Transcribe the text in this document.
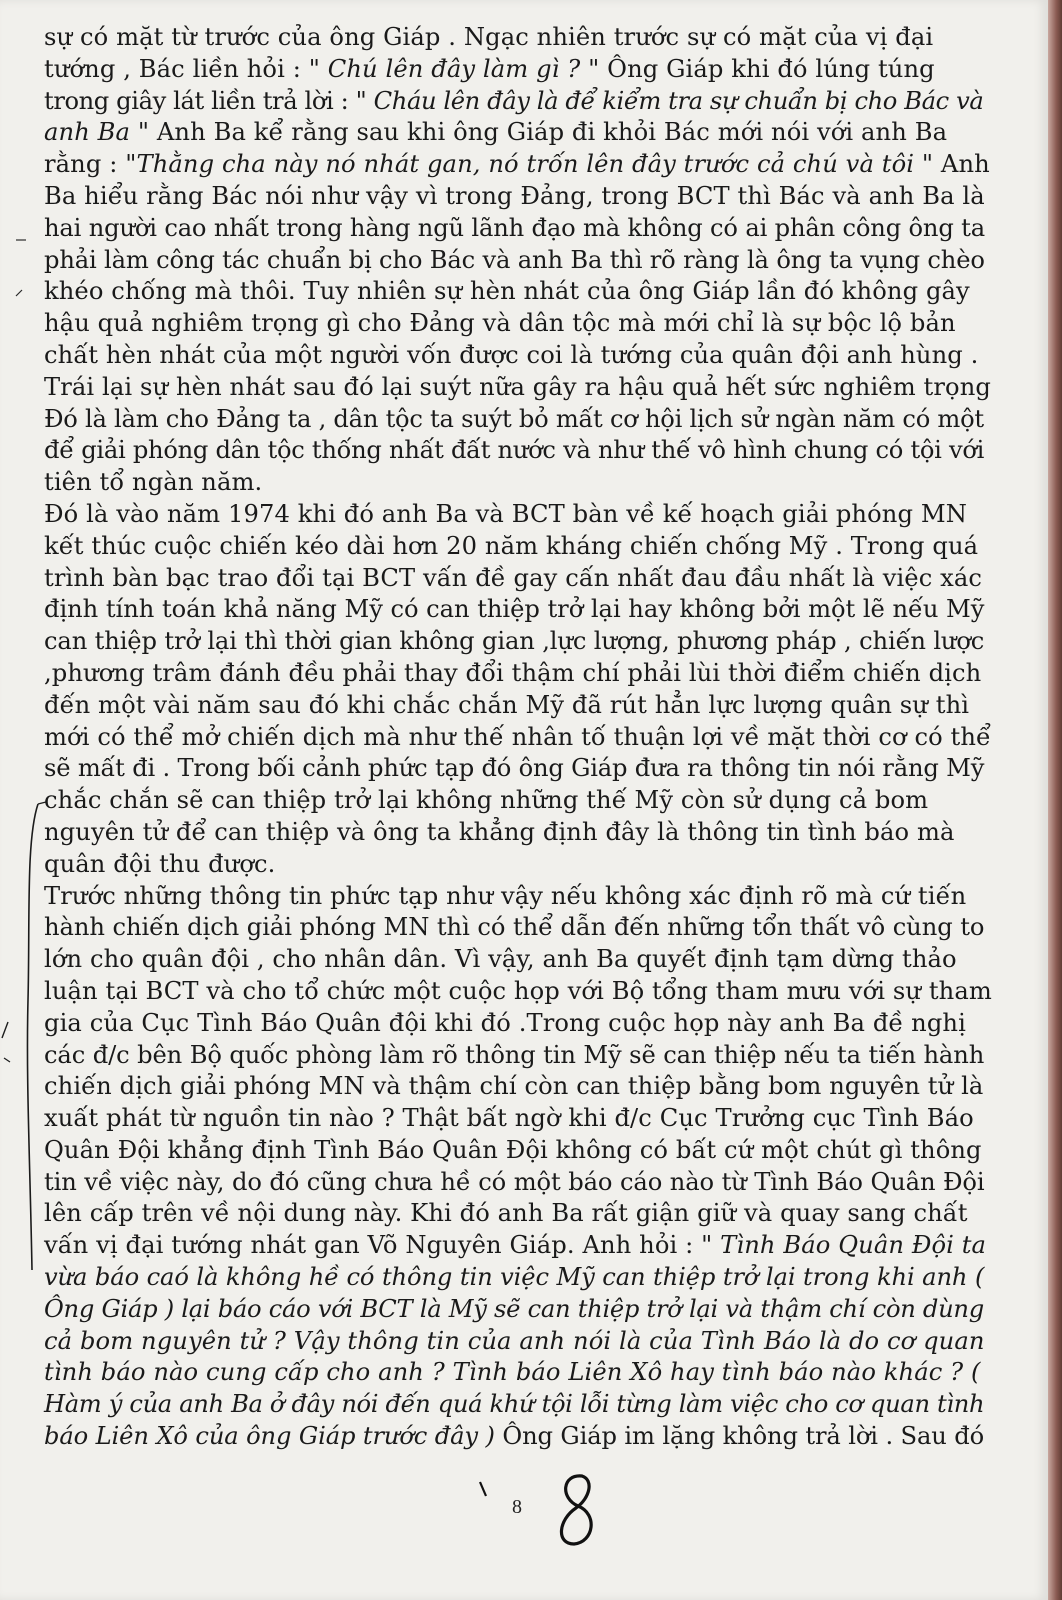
sự có mặt từ trước của ông Giáp . Ngạc nhiên trước sự có mặt của vị đại
tướng , Bác liền hỏi : " Chú lên đây làm gì ? " Ông Giáp khi đó lúng túng
trong giây lát liền trả lời : " Cháu lên đây là để kiểm tra sự chuẩn bị cho Bác và
anh Ba " Anh Ba kể rằng sau khi ông Giáp đi khỏi Bác mới nói với anh Ba
rằng : "Thằng cha này nó nhát gan, nó trốn lên đây trước cả chú và tôi " Anh
Ba hiểu rằng Bác nói như vậy vì trong Đảng, trong BCT thì Bác và anh Ba là
hai người cao nhất trong hàng ngũ lãnh đạo mà không có ai phân công ông ta
phải làm công tác chuẩn bị cho Bác và anh Ba thì rõ ràng là ông ta vụng chèo
khéo chống mà thôi. Tuy nhiên sự hèn nhát của ông Giáp lần đó không gây
hậu quả nghiêm trọng gì cho Đảng và dân tộc mà mới chỉ là sự bộc lộ bản
chất hèn nhát của một người vốn được coi là tướng của quân đội anh hùng .
Trái lại sự hèn nhát sau đó lại suýt nữa gây ra hậu quả hết sức nghiêm trọng
Đó là làm cho Đảng ta , dân tộc ta suýt bỏ mất cơ hội lịch sử ngàn năm có một
để giải phóng dân tộc thống nhất đất nước và như thế vô hình chung có tội với
tiên tổ ngàn năm.
Đó là vào năm 1974 khi đó anh Ba và BCT bàn về kế hoạch giải phóng MN
kết thúc cuộc chiến kéo dài hơn 20 năm kháng chiến chống Mỹ . Trong quá
trình bàn bạc trao đổi tại BCT vấn đề gay cấn nhất đau đầu nhất là việc xác
định tính toán khả năng Mỹ có can thiệp trở lại hay không bởi một lẽ nếu Mỹ
can thiệp trở lại thì thời gian không gian ,lực lượng, phương pháp , chiến lược
,phương trâm đánh đều phải thay đổi thậm chí phải lùi thời điểm chiến dịch
đến một vài năm sau đó khi chắc chắn Mỹ đã rút hẳn lực lượng quân sự thì
mới có thể mở chiến dịch mà như thế nhân tố thuận lợi về mặt thời cơ có thể
sẽ mất đi . Trong bối cảnh phức tạp đó ông Giáp đưa ra thông tin nói rằng Mỹ
chắc chắn sẽ can thiệp trở lại không những thế Mỹ còn sử dụng cả bom
nguyên tử để can thiệp và ông ta khẳng định đây là thông tin tình báo mà
quân đội thu được.
Trước những thông tin phức tạp như vậy nếu không xác định rõ mà cứ tiến
hành chiến dịch giải phóng MN thì có thể dẫn đến những tổn thất vô cùng to
lớn cho quân đội , cho nhân dân. Vì vậy, anh Ba quyết định tạm dừng thảo
luận tại BCT và cho tổ chức một cuộc họp với Bộ tổng tham mưu với sự tham
gia của Cục Tình Báo Quân đội khi đó .Trong cuộc họp này anh Ba đề nghị
các đ/c bên Bộ quốc phòng làm rõ thông tin Mỹ sẽ can thiệp nếu ta tiến hành
chiến dịch giải phóng MN và thậm chí còn can thiệp bằng bom nguyên tử là
xuất phát từ nguồn tin nào ? Thật bất ngờ khi đ/c Cục Trưởng cục Tình Báo
Quân Đội khẳng định Tình Báo Quân Đội không có bất cứ một chút gì thông
tin về việc này, do đó cũng chưa hề có một báo cáo nào từ Tình Báo Quân Đội
lên cấp trên về nội dung này. Khi đó anh Ba rất giận giữ và quay sang chất
vấn vị đại tướng nhát gan Võ Nguyên Giáp. Anh hỏi : " Tình Báo Quân Đội ta
vừa báo caó là không hề có thông tin việc Mỹ can thiệp trở lại trong khi anh (
Ông Giáp ) lại báo cáo với BCT là Mỹ sẽ can thiệp trở lại và thậm chí còn dùng
cả bom nguyên tử ? Vậy thông tin của anh nói là của Tình Báo là do cơ quan
tình báo nào cung cấp cho anh ? Tình báo Liên Xô hay tình báo nào khác ? (
Hàm ý của anh Ba ở đây nói đến quá khứ tội lỗi từng làm việc cho cơ quan tình
báo Liên Xô của ông Giáp trước đây ) Ông Giáp im lặng không trả lời . Sau đó
8
